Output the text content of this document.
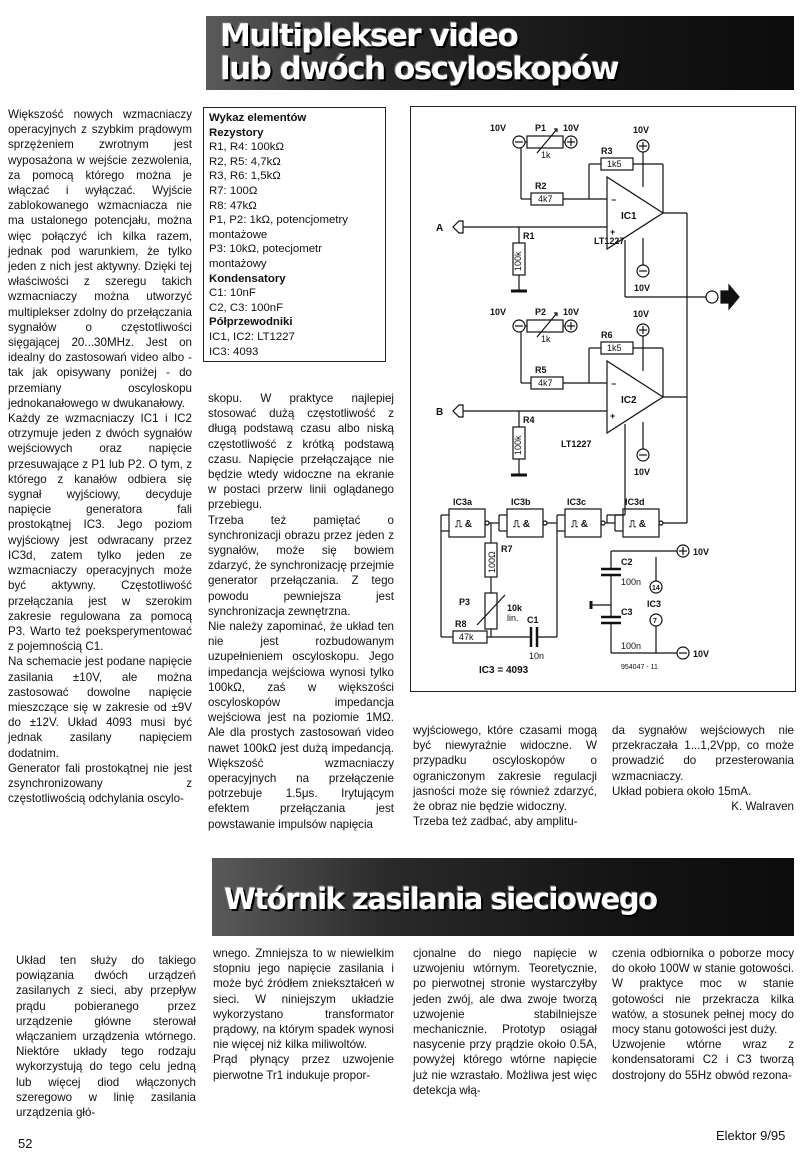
Multiplekser video
lub dwóch oscyloskopów

Większość nowych wzmacniaczy operacyjnych z szybkim prądowym sprzężeniem zwrotnym jest wyposażona w wejście zezwolenia, za pomocą którego można je włączać i wyłączać. Wyjście zablokowanego wzmacniacza nie ma ustalonego potencjału, można więc połączyć ich kilka razem, jednak pod warunkiem, że tylko jeden z nich jest aktywny. Dzięki tej właściwości z szeregu takich wzmacniaczy można utworzyć multiplekser zdolny do przełączania sygnałów o częstotliwości sięgającej 20...30MHz. Jest on idealny do zastosowań video albo - tak jak opisywany poniżej - do przemiany oscyloskopu jednokanałowego w dwukanałowy.

Każdy ze wzmacniaczy IC1 i IC2 otrzymuje jeden z dwóch sygnałów wejściowych oraz napięcie przesuwające z P1 lub P2. O tym, z którego z kanałów odbiera się sygnał wyjściowy, decyduje napięcie generatora fali prostokątnej IC3. Jego poziom wyjściowy jest odwracany przez IC3d, zatem tylko jeden ze wzmacniaczy operacyjnych może być aktywny. Częstotliwość przełączania jest w szerokim zakresie regulowana za pomocą P3. Warto też poeksperymentować z pojemnością C1.

Na schemacie jest podane napięcie zasilania ±10V, ale można zastosować dowolne napięcie mieszczące się w zakresie od ±9V do ±12V. Układ 4093 musi być jednak zasilany napięciem dodatnim.

Generator fali prostokątnej nie jest zsynchronizowany z częstotliwością odchylania oscylo-

Wykaz elementów
Rezystory
R1, R4: 100kΩ
R2, R5: 4,7kΩ
R3, R6: 1,5kΩ
R7: 100Ω
R8: 47kΩ
P1, P2: 1kΩ, potencjometry montażowe
P3: 10kΩ, potecjometr montażowy
Kondensatory
C1: 10nF
C2, C3: 100nF
Półprzewodniki
IC1, IC2: LT1227
IC3: 4093

skopu. W praktyce najlepiej stosować dużą częstotliwość z długą podstawą czasu albo niską częstotliwość z krótką podstawą czasu. Napięcie przełączające nie będzie wtedy widoczne na ekranie w postaci przerw linii oglądanego przebiegu.

Trzeba też pamiętać o synchronizacji obrazu przez jeden z sygnałów, może się bowiem zdarzyć, że synchronizację przejmie generator przełączania. Z tego powodu pewniejsza jest synchronizacja zewnętrzna.

Nie należy zapominać, że układ ten nie jest rozbudowanym uzupełnieniem oscyloskopu. Jego impedancja wejściowa wynosi tylko 100kΩ, zaś w większości oscyloskopów impedancja wejściowa jest na poziomie 1MΩ. Ale dla prostych zastosowań video nawet 100kΩ jest dużą impedancją. Większość wzmacniaczy operacyjnych na przełączenie potrzebuje 1.5μs. Irytującym efektem przełączania jest powstawanie impulsów napięcia

wyjściowego, które czasami mogą być niewyraźnie widoczne. W przypadku oscyloskopów o ograniczonym zakresie regulacji jasności może się również zdarzyć, że obraz nie będzie widoczny.

Trzeba też zadbać, aby amplitu-

da sygnałów wejściowych nie przekraczała 1...1,2Vpp, co może prowadzić do przesterowania wzmacniaczy.

Układ pobiera około 15mA.

K. Walraven

10V	10V
P1
1k
R2
4k7
R3
1k5
−
+
IC1
LT1227
10V
10V
A
R1
100k
10V	10V
P2
1k
R5
4k7
R6
1k5
−
+
IC2
LT1227
10V
10V
B
R4
100k
IC3a	IC3b	IC3c	IC3d
⎍ &	⎍ &	⎍ &	⎍ &
R7
100Ω
P3
10k
lin.
R8
47k
C1
10n
IC3 = 4093
10V
C2
100n
C3
100n
10V
14
IC3
7
954047 - 11
Wtórnik zasilania sieciowego

Układ ten służy do takiego powiązania dwóch urządzeń zasilanych z sieci, aby przepływ prądu pobieranego przez urządzenie główne sterował włączaniem urządzenia wtórnego. Niektóre układy tego rodzaju wykorzystują do tego celu jedną lub więcej diod włączonych szeregowo w linię zasilania urządzenia głó-

wnego. Zmniejsza to w niewielkim stopniu jego napięcie zasilania i może być źródłem zniekształceń w sieci. W niniejszym układzie wykorzystano transformator prądowy, na którym spadek wynosi nie więcej niż kilka miliwoltów.

Prąd płynący przez uzwojenie pierwotne Tr1 indukuje propor-

cjonalne do niego napięcie w uzwojeniu wtórnym. Teoretycznie, po pierwotnej stronie wystarczyłby jeden zwój, ale dwa zwoje tworzą uzwojenie stabilniejsze mechanicznie. Prototyp osiągał nasycenie przy prądzie około 0.5A, powyżej którego wtórne napięcie już nie wzrastało. Możliwa jest więc detekcja włą-

czenia odbiornika o poborze mocy do około 100W w stanie gotowości. W praktyce moc w stanie gotowości nie przekracza kilka watów, a stosunek pełnej mocy do mocy stanu gotowości jest duży.

Uzwojenie wtórne wraz z kondensatorami C2 i C3 tworzą dostrojony do 55Hz obwód rezona-

52
Elektor 9/95
